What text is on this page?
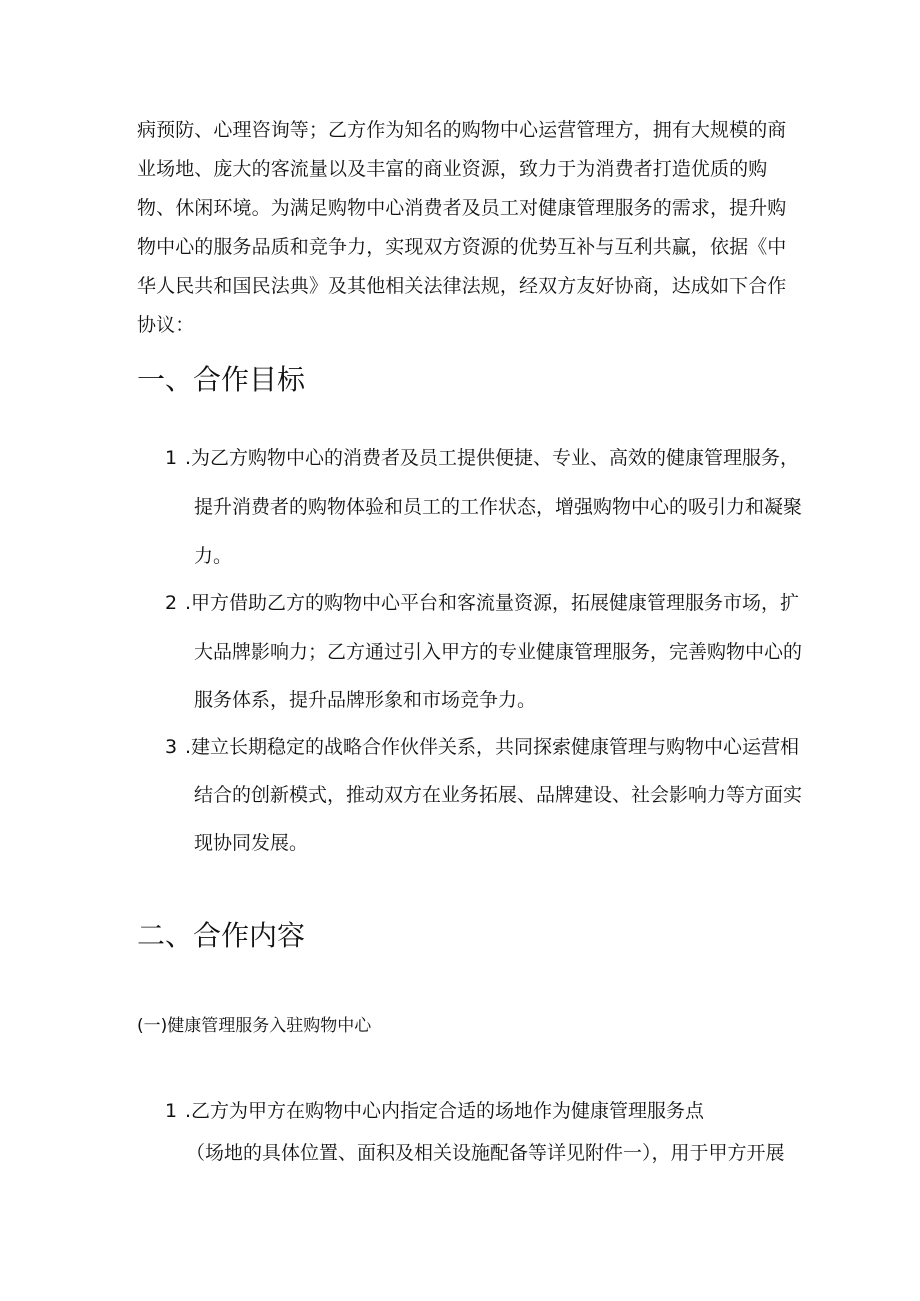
病预防、心理咨询等；乙方作为知名的购物中心运营管理方，拥有大规模的商
业场地、庞大的客流量以及丰富的商业资源，致力于为消费者打造优质的购
物、休闲环境。为满足购物中心消费者及员工对健康管理服务的需求，提升购
物中心的服务品质和竞争力，实现双方资源的优势互补与互利共赢，依据《中
华人民共和国民法典》及其他相关法律法规，经双方友好协商，达成如下合作
协议：
一、合作目标
1 .为乙方购物中心的消费者及员工提供便捷、专业、高效的健康管理服务，
提升消费者的购物体验和员工的工作状态，增强购物中心的吸引力和凝聚
力。
2 .甲方借助乙方的购物中心平台和客流量资源，拓展健康管理服务市场，扩
大品牌影响力；乙方通过引入甲方的专业健康管理服务，完善购物中心的
服务体系，提升品牌形象和市场竞争力。
3 .建立长期稳定的战略合作伙伴关系，共同探索健康管理与购物中心运营相
结合的创新模式，推动双方在业务拓展、品牌建设、社会影响力等方面实
现协同发展。
二、合作内容
(一)健康管理服务入驻购物中心
1 .乙方为甲方在购物中心内指定合适的场地作为健康管理服务点
（场地的具体位置、面积及相关设施配备等详见附件一），用于甲方开展
